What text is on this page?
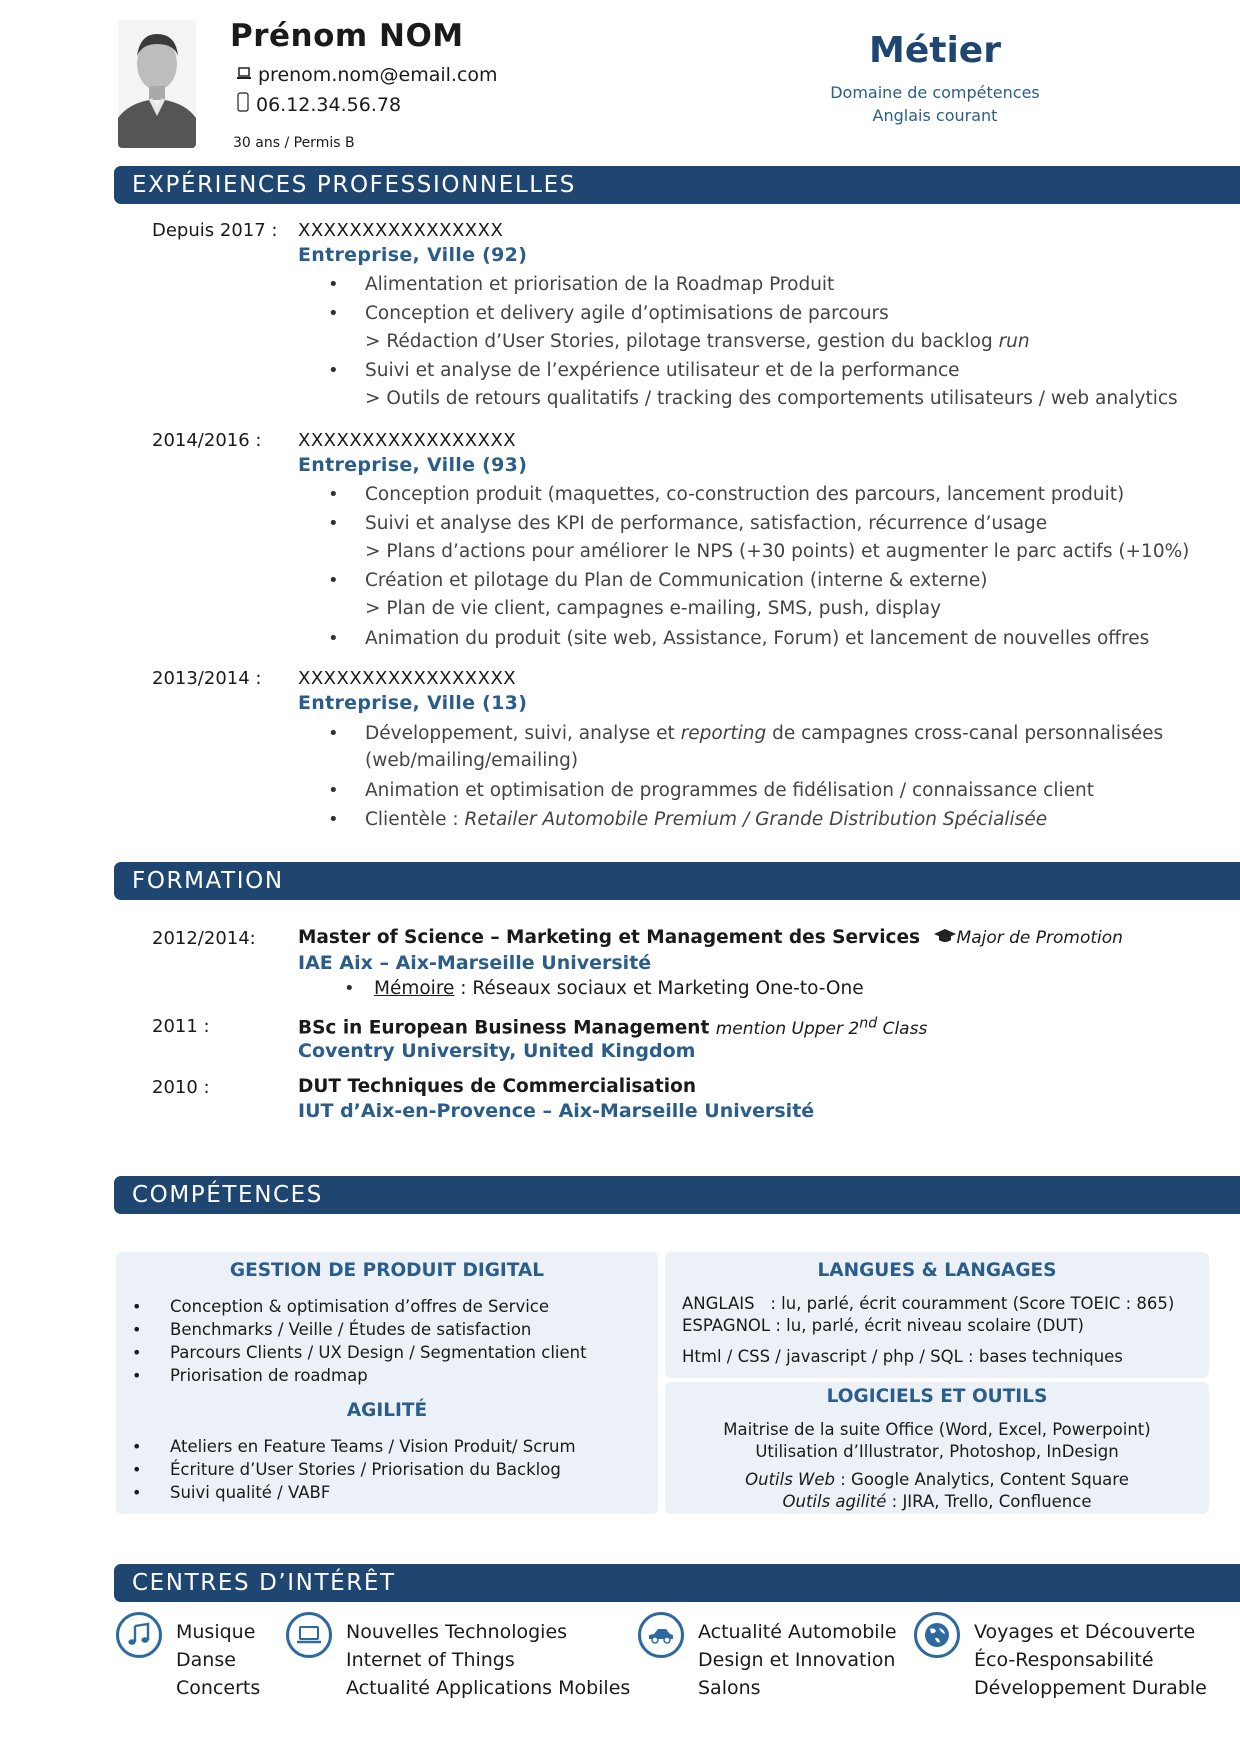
Prénom NOM
prenom.nom@email.com
06.12.34.56.78
30 ans / Permis B
Métier
Domaine de compétences
Anglais courant
EXPÉRIENCES PROFESSIONNELLES
Depuis 2017 : XXXXXXXXXXXXXXXX
Entreprise, Ville (92)
• Alimentation et priorisation de la Roadmap Produit
• Conception et delivery agile d’optimisations de parcours
> Rédaction d’User Stories, pilotage transverse, gestion du backlog run
• Suivi et analyse de l’expérience utilisateur et de la performance
> Outils de retours qualitatifs / tracking des comportements utilisateurs / web analytics
2014/2016 : XXXXXXXXXXXXXXXXX
Entreprise, Ville (93)
• Conception produit (maquettes, co-construction des parcours, lancement produit)
• Suivi et analyse des KPI de performance, satisfaction, récurrence d’usage
> Plans d’actions pour améliorer le NPS (+30 points) et augmenter le parc actifs (+10%)
• Création et pilotage du Plan de Communication (interne & externe)
> Plan de vie client, campagnes e-mailing, SMS, push, display
• Animation du produit (site web, Assistance, Forum) et lancement de nouvelles offres
2013/2014 : XXXXXXXXXXXXXXXXX
Entreprise, Ville (13)
• Développement, suivi, analyse et reporting de campagnes cross-canal personnalisées
(web/mailing/emailing)
• Animation et optimisation de programmes de fidélisation / connaissance client
• Clientèle : Retailer Automobile Premium / Grande Distribution Spécialisée
FORMATION
2012/2014: Master of Science – Marketing et Management des Services Major de Promotion
IAE Aix – Aix-Marseille Université
• Mémoire : Réseaux sociaux et Marketing One-to-One
2011 :	BSc in European Business Management mention Upper 2nd Class
Coventry University, United Kingdom
2010 :	DUT Techniques de Commercialisation
IUT d’Aix-en-Provence – Aix-Marseille Université
COMPÉTENCES
GESTION DE PRODUIT DIGITAL
• Conception & optimisation d’offres de Service
• Benchmarks / Veille / Études de satisfaction
• Parcours Clients / UX Design / Segmentation client
• Priorisation de roadmap
AGILITÉ
• Ateliers en Feature Teams / Vision Produit/ Scrum
• Écriture d’User Stories / Priorisation du Backlog
• Suivi qualité / VABF
LANGUES & LANGAGES
ANGLAIS   : lu, parlé, écrit couramment (Score TOEIC : 865)
ESPAGNOL : lu, parlé, écrit niveau scolaire (DUT)
Html / CSS / javascript / php / SQL : bases techniques
LOGICIELS ET OUTILS
Maitrise de la suite Office (Word, Excel, Powerpoint)
Utilisation d’Illustrator, Photoshop, InDesign
Outils Web : Google Analytics, Content Square
Outils agilité : JIRA, Trello, Confluence
CENTRES D’INTÉRÊT
Musique
Danse
Concerts
Nouvelles Technologies
Internet of Things
Actualité Applications Mobiles
Actualité Automobile
Design et Innovation
Salons
Voyages et Découverte
Éco-Responsabilité
Développement Durable
